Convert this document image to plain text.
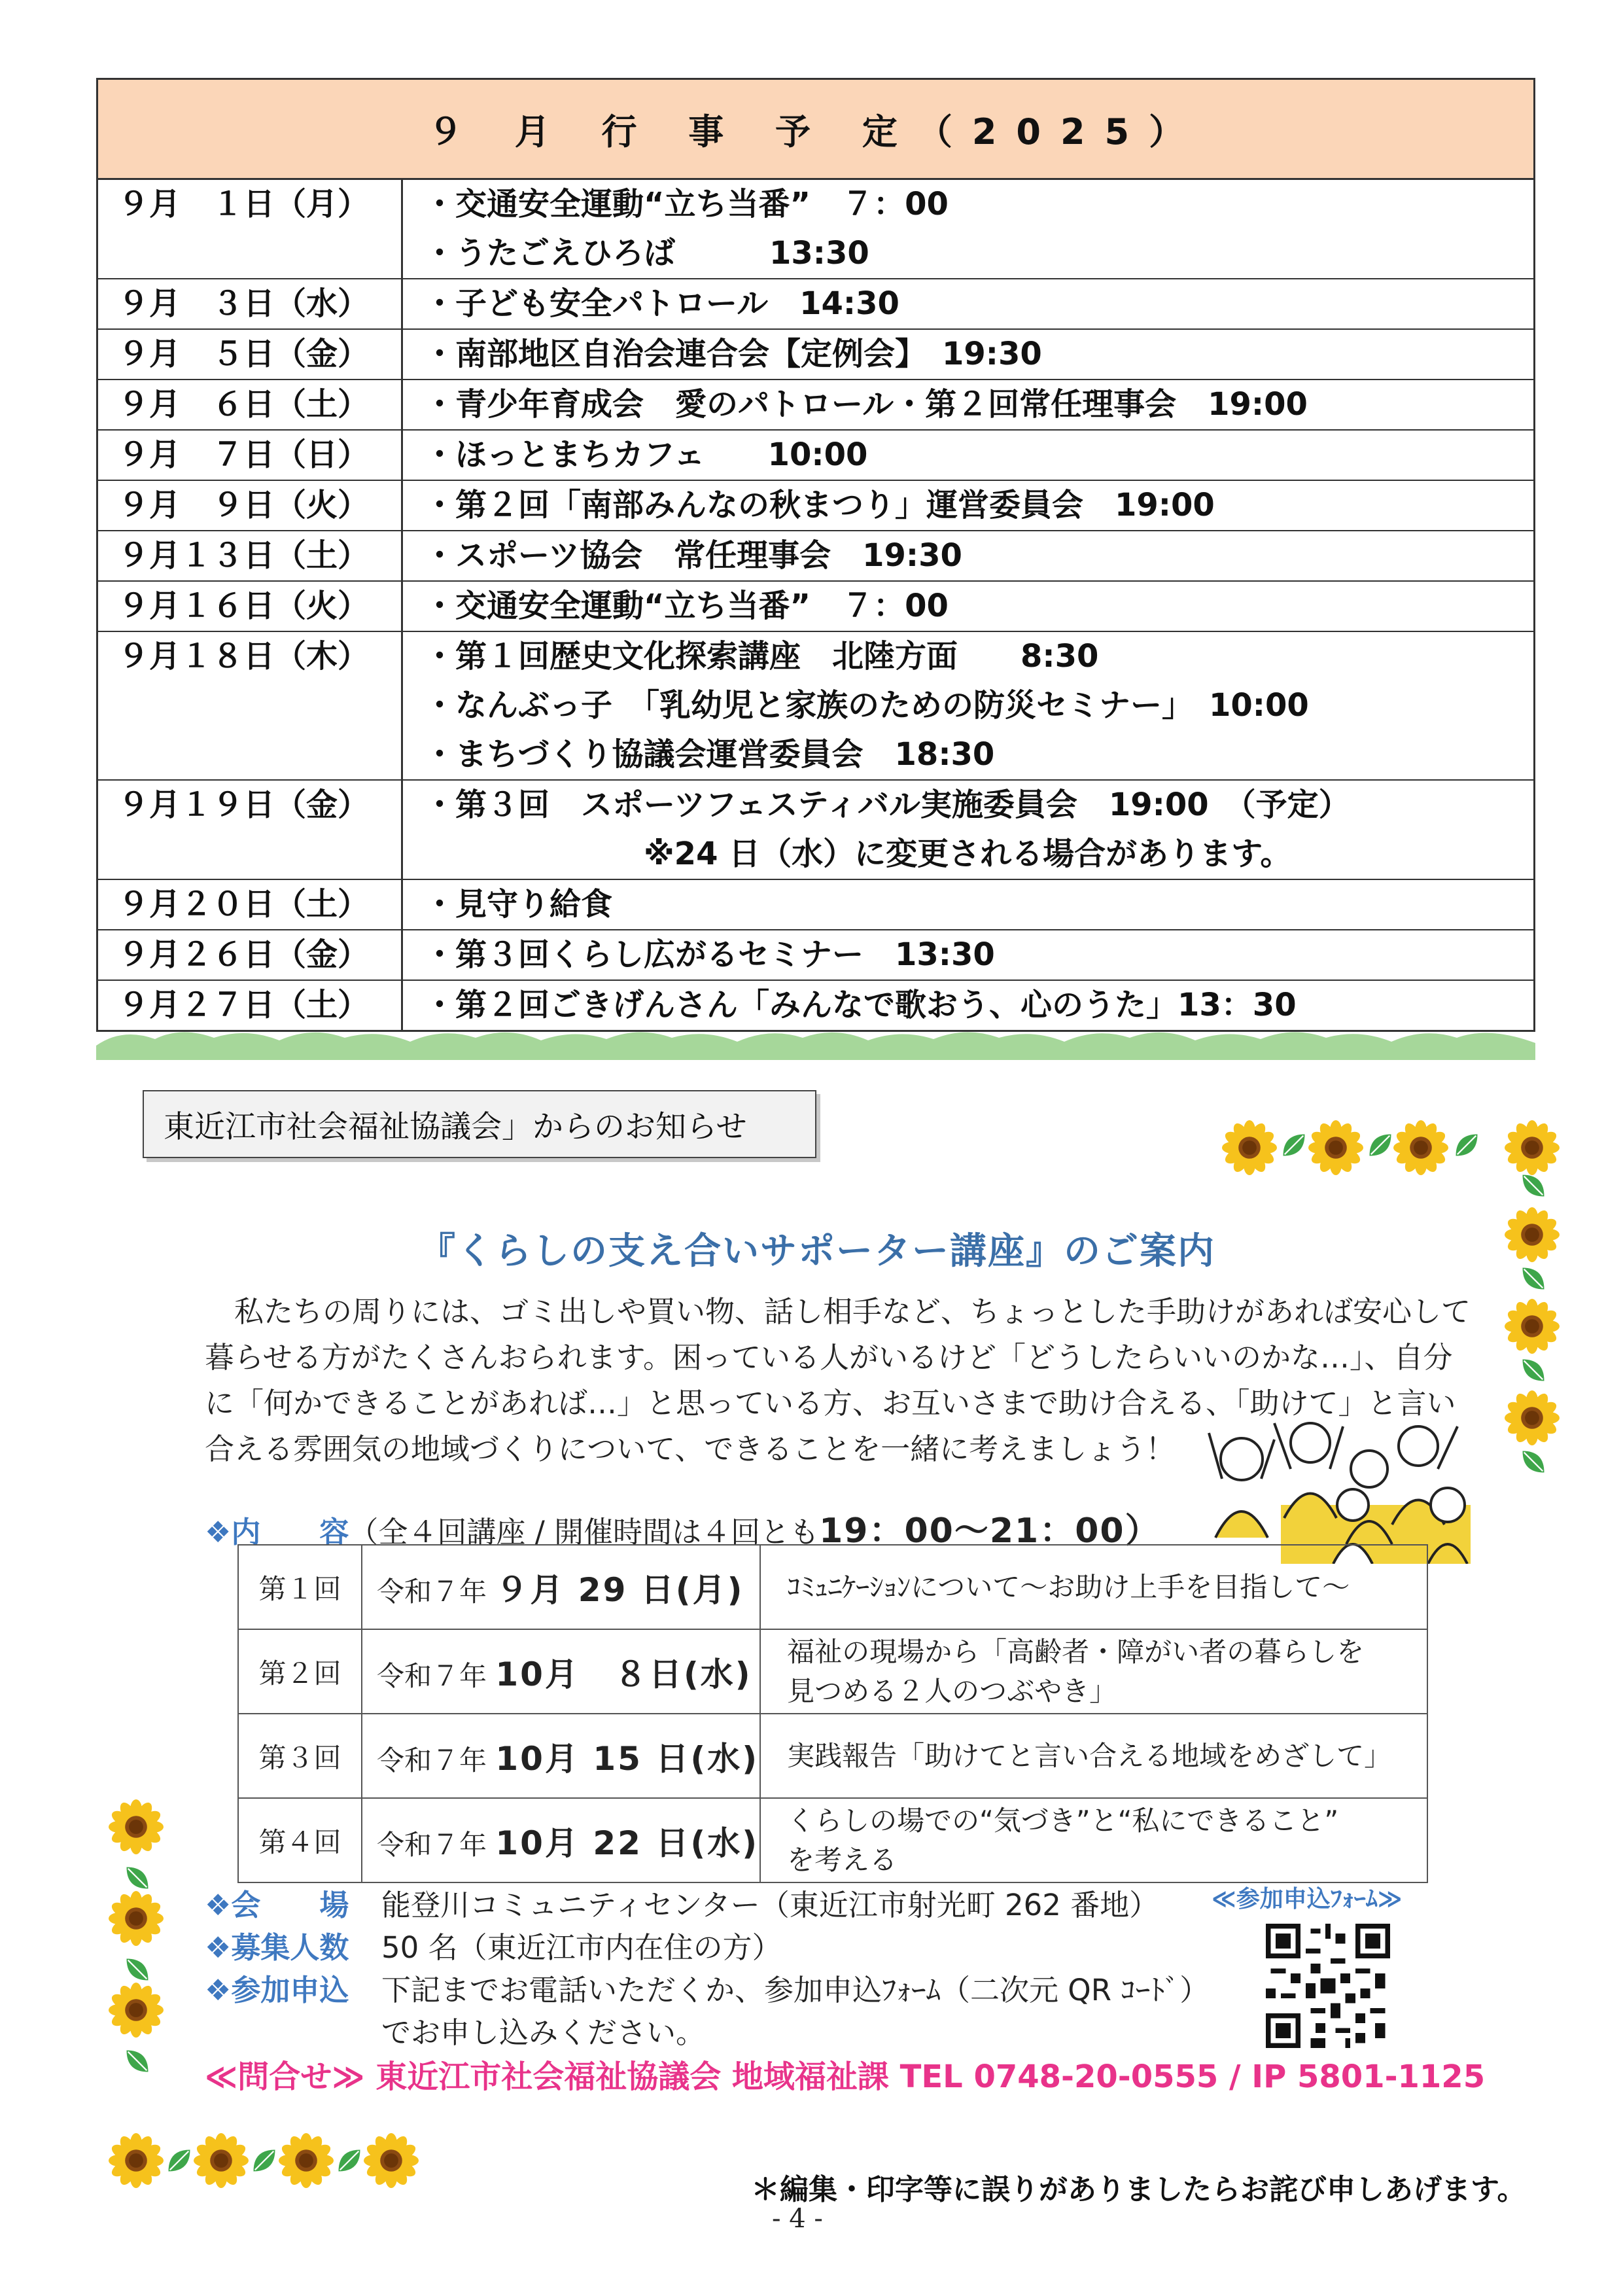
９ 月 行 事 予 定（2025）
９月　１日（月）	・交通安全運動“立ち当番”　７：00
・うたごえひろば　　　13:30
９月　３日（水）	・子ども安全パトロール　14:30
９月　５日（金）	・南部地区自治会連合会【定例会】　19:30
９月　６日（土）	・青少年育成会　愛のパトロール・第２回常任理事会　19:00
９月　７日（日）	・ほっとまちカフェ　　10:00
９月　９日（火）	・第２回「南部みんなの秋まつり」運営委員会　19:00
９月１３日（土）	・スポーツ協会　常任理事会　19:30
９月１６日（火）	・交通安全運動“立ち当番”　７：00
９月１８日（木）	・第１回歴史文化探索講座　北陸方面　　8:30
・なんぶっ子　「乳幼児と家族のための防災セミナー」　10:00
・まちづくり協議会運営委員会　18:30
９月１９日（金）	・第３回　スポーツフェスティバル実施委員会　19:00　（予定）
　　　　　　　※24 日（水）に変更される場合があります。
９月２０日（土）	・見守り給食
９月２６日（金）	・第３回くらし広がるセミナー　13:30
９月２７日（土）	・第２回ごきげんさん「みんなで歌おう、心のうた」13：30
東近江市社会福祉協議会」からのお知らせ
『くらしの支え合いサポーター講座』のご案内

　私たちの周りには、ゴミ出しや買い物、話し相手など、ちょっとした手助けがあれば安心して

暮らせる方がたくさんおられます。困っている人がいるけど「どうしたらいいのかな…」、自分

に「何かできることがあれば…」と思っている方、お互いさまで助け合える、「助けて」と言い

合える雰囲気の地域づくりについて、できることを一緒に考えましょう！

❖内　　容（全４回講座 / 開催時間は４回とも19：00～21：00）
第１回	令和７年 ９月 29 日(月)	ｺﾐｭﾆｹｰｼｮﾝについて～お助け上手を目指して～

第２回	令和７年 10月　８日(水)	福祉の現場から「高齢者・障がい者の暮らしを
見つめる２人のつぶやき」

第３回	令和７年 10月 15 日(水)	実践報告「助けてと言い合える地域をめざして」

第４回	令和７年 10月 22 日(水)	くらしの場での“気づき”と“私にできること”
を考える
❖会　　場 能登川コミュニティセンター（東近江市射光町 262 番地） ≪参加申込ﾌｫｰﾑ≫
❖募集人数 50 名（東近江市内在住の方）
❖参加申込 下記までお電話いただくか、参加申込ﾌｫｰﾑ（二次元 QR ｺｰﾄﾞ）
でお申し込みください。
≪問合せ≫ 東近江市社会福祉協議会 地域福祉課 TEL 0748-20-0555 / IP 5801-1125
＊編集・印字等に誤りがありましたらお詫び申しあげます。
- 4 -
